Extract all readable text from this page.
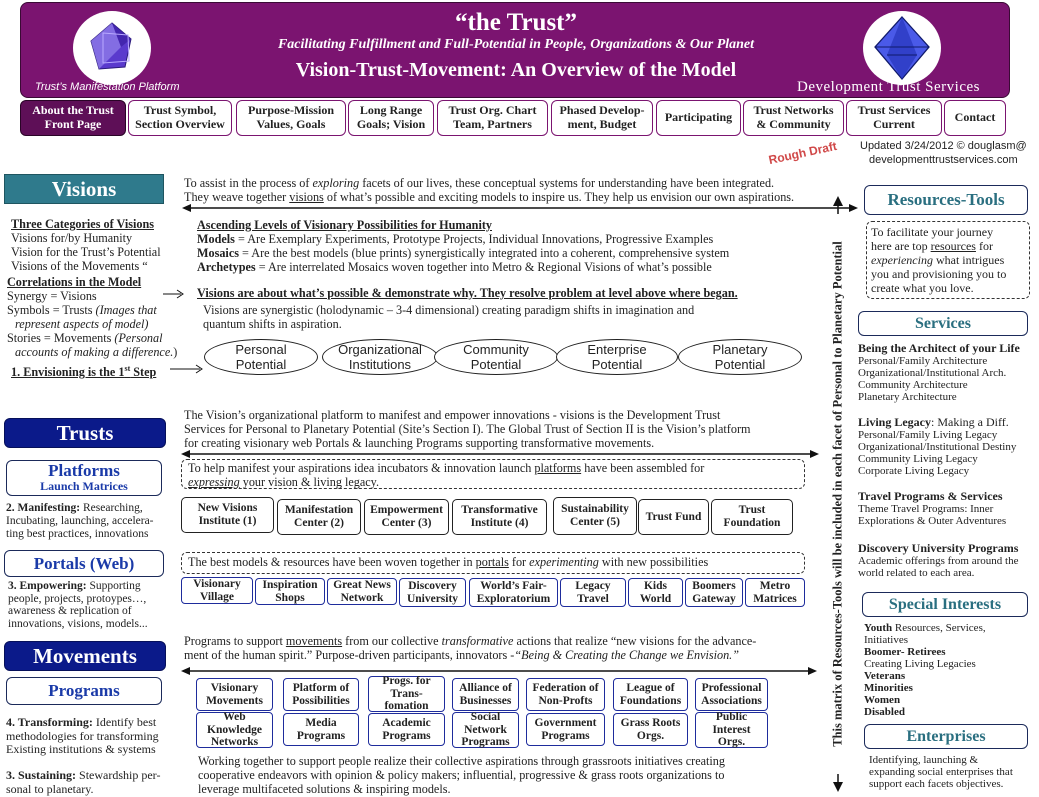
“the Trust”
Facilitating Fulfillment and Full-Potential in People, Organizations & Our Planet
Vision-Trust-Movement: An Overview of the Model
Trust’s Manifestation Platform	Development Trust Services
About the Trust
Front Page
Trust Symbol,
Section Overview
Purpose-Mission
Values, Goals
Long Range
Goals; Vision
Trust Org. Chart
Team, Partners
Phased Develop-
ment, Budget	Participating Trust Networks
& Community
Trust Services
Current	Contact
Updated 3/24/2012 © douglasm@
developmenttrustservices.com
Rough Draft
Visions	To assist in the process of exploring facets of our lives, these conceptual systems for understanding have been integrated.
They weave together visions of what’s possible and exciting models to inspire us. They help us envision our own aspirations.
Three Categories of Visions
Visions for/by Humanity
Vision for the Trust’s Potential
Visions of the Movements “
Correlations in the Model
Synergy = Visions
Symbols = Trusts (Images that
represent aspects of model)
Stories = Movements (Personal
accounts of making a difference.)
1. Envisioning is the 1st Step
Ascending Levels of Visionary Possibilities for Humanity
Models = Are Exemplary Experiments, Prototype Projects, Individual Innovations, Progressive Examples
Mosaics = Are the best models (blue prints) synergistically integrated into a coherent, comprehensive system
Archetypes = Are interrelated Mosaics woven together into Metro & Regional Visions of what’s possible
Visions are about what’s possible & demonstrate why. They resolve problem at level above where began.
Visions are synergistic (holodynamic – 3-4 dimensional) creating paradigm shifts in imagination and
quantum shifts in aspiration.
Personal
Potential
Organizational
Institutions
Community
Potential
Enterprise
Potential
Planetary
Potential
Trusts
The Vision’s organizational platform to manifest and empower innovations - visions is the Development Trust
Services for Personal to Planetary Potential (Site’s Section I). The Global Trust of Section II is the Vision’s platform
for creating visionary web Portals & launching Programs supporting transformative movements.
Platforms
Launch Matrices
2. Manifesting: Researching,
Incubating, launching, accelera-
ting best practices, innovations
To help manifest your aspirations idea incubators & innovation launch platforms have been assembled for
expressing your vision & living legacy.
New Visions
Institute (1)
Manifestation
Center (2)
Empowerment
Center (3)
Transformative
Institute (4)
Sustainability
Center (5)	Trust Fund
Trust
Foundation
Portals (Web)
3. Empowering: Supporting
people, projects, protoypes…,
awareness & replication of
innovations, visions, models...
The best models & resources have been woven together in portals for experimenting with new possibilities
Visionary
Village
Inspiration
Shops
Great News
Network
Discovery
University
World’s Fair-
Exploratorium
Legacy
Travel
Kids
World
Boomers
Gateway
Metro
Matrices
Movements
Programs to support movements from our collective transformative actions that realize “new visions for the advance-
ment of the human spirit.” Purpose-driven participants, innovators -“Being & Creating the Change we Envision.”
Programs
4. Transforming: Identify best
methodologies for transforming
Existing institutions & systems
3. Sustaining: Stewardship per-
sonal to planetary.
Visionary
Movements
Platform of
Possibilities
Progs. for
Trans-
fomation
Alliance of
Businesses
Federation of
Non-Profts
League of
Foundations
Professional
Associations
Web
Knowledge
Networks
Media
Programs
Academic
Programs
Social
Network
Programs
Government
Programs
Grass Roots
Orgs.
Public
Interest
Orgs.
Working together to support people realize their collective aspirations through grassroots initiatives creating
cooperative endeavors with opinion & policy makers; influential, progressive & grass roots organizations to
leverage multifaceted solutions & inspiring models.
This matrix of Resources-Tools will be included in each facet of Personal to Planetary Potential
Resources-Tools
To facilitate your journey
here are top resources for
experiencing what intrigues
you and provisioning you to
create what you love.
Services
Being the Architect of your Life
Personal/Family Architecture
Organizational/Institutional Arch.
Community Architecture
Planetary Architecture
Living Legacy: Making a Diff.
Personal/Family Living Legacy
Organizational/Institutional Destiny
Community Living Legacy
Corporate Living Legacy
Travel Programs & Services
Theme Travel Programs: Inner
Explorations & Outer Adventures
Discovery University Programs
Academic offerings from around the
world related to each area.
Special Interests
Youth Resources, Services,
Initiatives
Boomer- Retirees
Creating Living Legacies
Veterans
Minorities
Women
Disabled
Enterprises
Identifying, launching &
expanding social enterprises that
support each facets objectives.
